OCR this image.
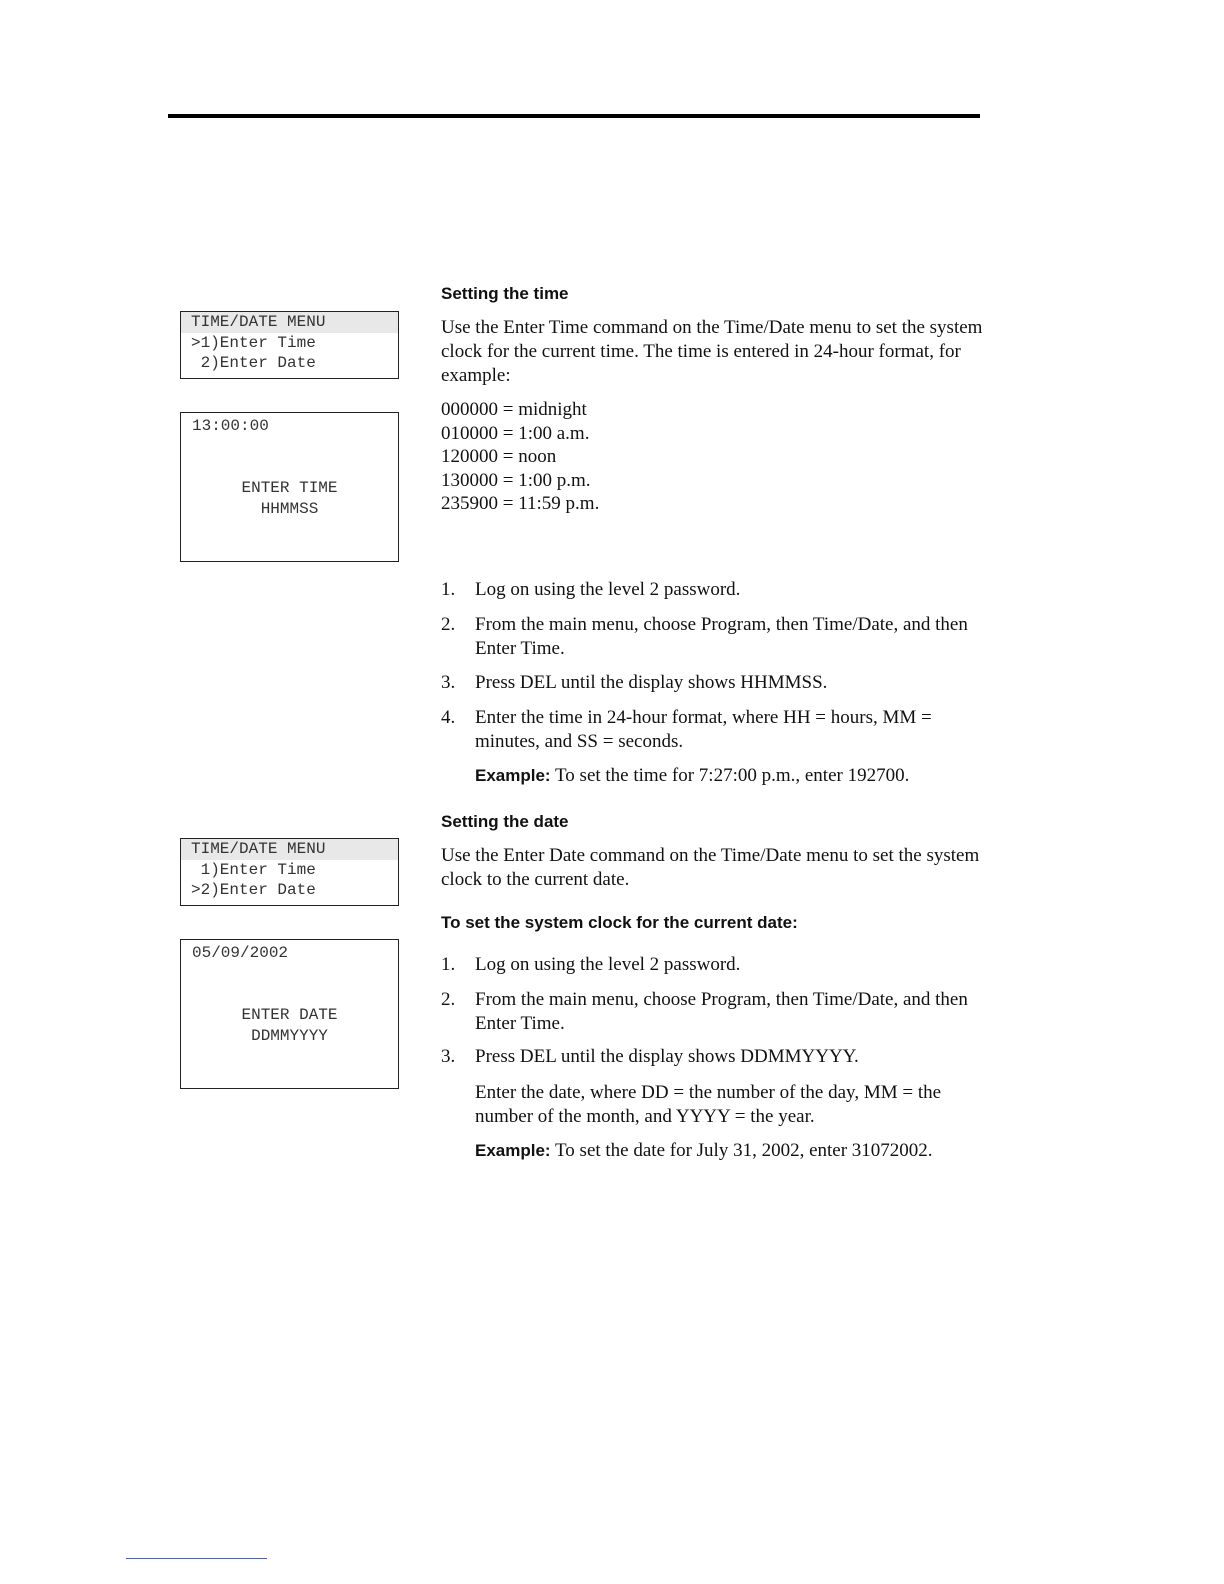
TIME/DATE MENU
>1)Enter Time
2)Enter Date
13:00:00
ENTER TIME
HHMMSS
TIME/DATE MENU
1)Enter Time
>2)Enter Date
05/09/2002
ENTER DATE
DDMMYYYY
Setting the time
Use the Enter Time command on the Time/Date menu to set the system clock for the current time. The time is entered in 24-hour format, for example:
000000 = midnight
010000 = 1:00 a.m.
120000 = noon
130000 = 1:00 p.m.
235900 = 11:59 p.m.
1. Log on using the level 2 password.
2. From the main menu, choose Program, then Time/Date, and then Enter Time.
3. Press DEL until the display shows HHMMSS.
4. Enter the time in 24-hour format, where HH = hours, MM = minutes, and SS = seconds.
Example: To set the time for 7:27:00 p.m., enter 192700.
Setting the date
Use the Enter Date command on the Time/Date menu to set the system clock to the current date.
To set the system clock for the current date:
1. Log on using the level 2 password.
2. From the main menu, choose Program, then Time/Date, and then Enter Time.
3. Press DEL until the display shows DDMMYYYY.
Enter the date, where DD = the number of the day, MM = the number of the month, and YYYY = the year.
Example: To set the date for July 31, 2002, enter 31072002.
